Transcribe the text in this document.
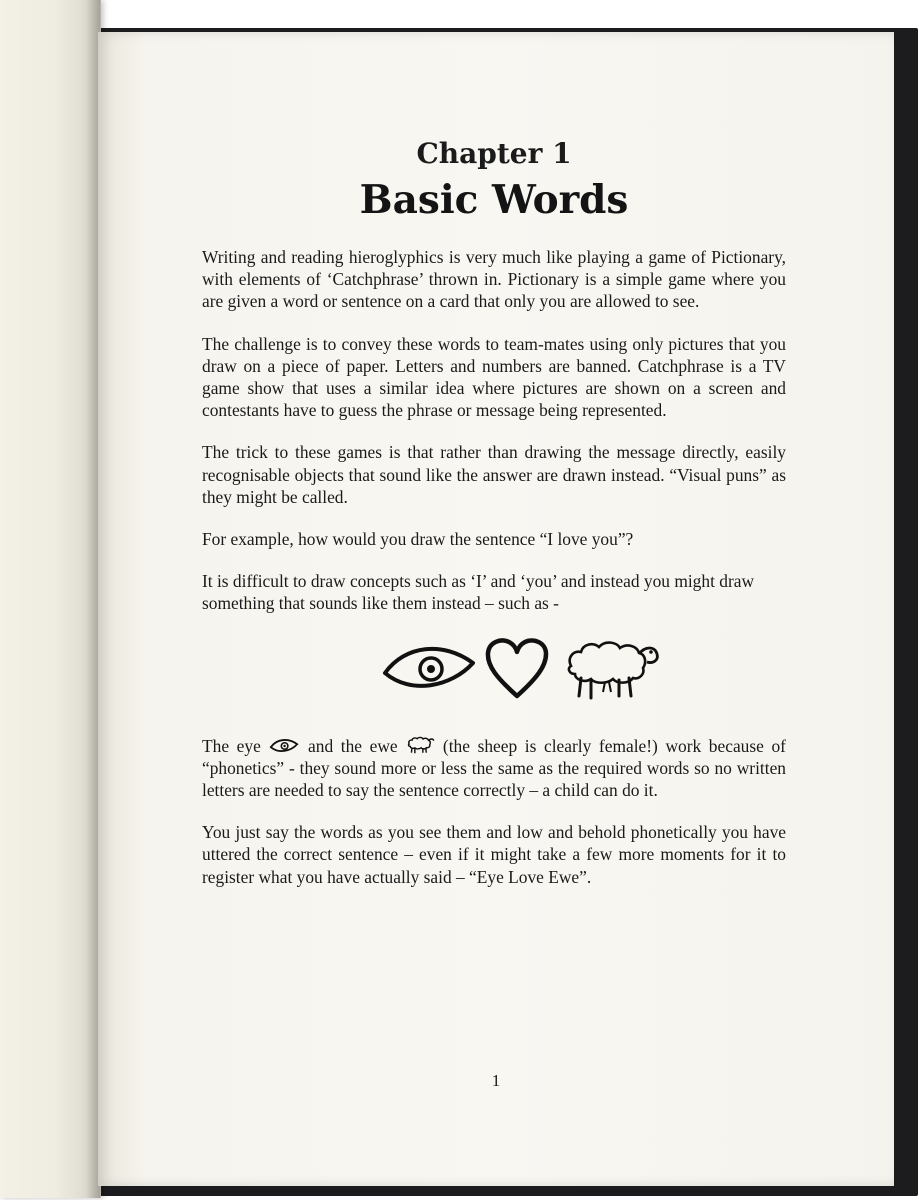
Chapter 1
Basic Words

Writing and reading hieroglyphics is very much like playing a game of Pictionary, with elements of ‘Catchphrase’ thrown in. Pictionary is a simple game where you are given a word or sentence on a card that only you are allowed to see.

The challenge is to convey these words to team-mates using only pictures that you draw on a piece of paper. Letters and numbers are banned. Catchphrase is a TV game show that uses a similar idea where pictures are shown on a screen and contestants have to guess the phrase or message being represented.

The trick to these games is that rather than drawing the message directly, easily recognisable objects that sound like the answer are drawn instead. “Visual puns” as they might be called.

For example, how would you draw the sentence “I love you”?

It is difficult to draw concepts such as ‘I’ and ‘you’ and instead you might draw something that sounds like them instead – such as -

The eye	and the ewe	(the sheep is clearly female!) work because of “phonetics” - they sound more or less the same as the required words so no written letters are needed to say the sentence correctly – a child can do it.

You just say the words as you see them and low and behold phonetically you have uttered the correct sentence – even if it might take a few more moments for it to register what you have actually said – “Eye Love Ewe”.

1
